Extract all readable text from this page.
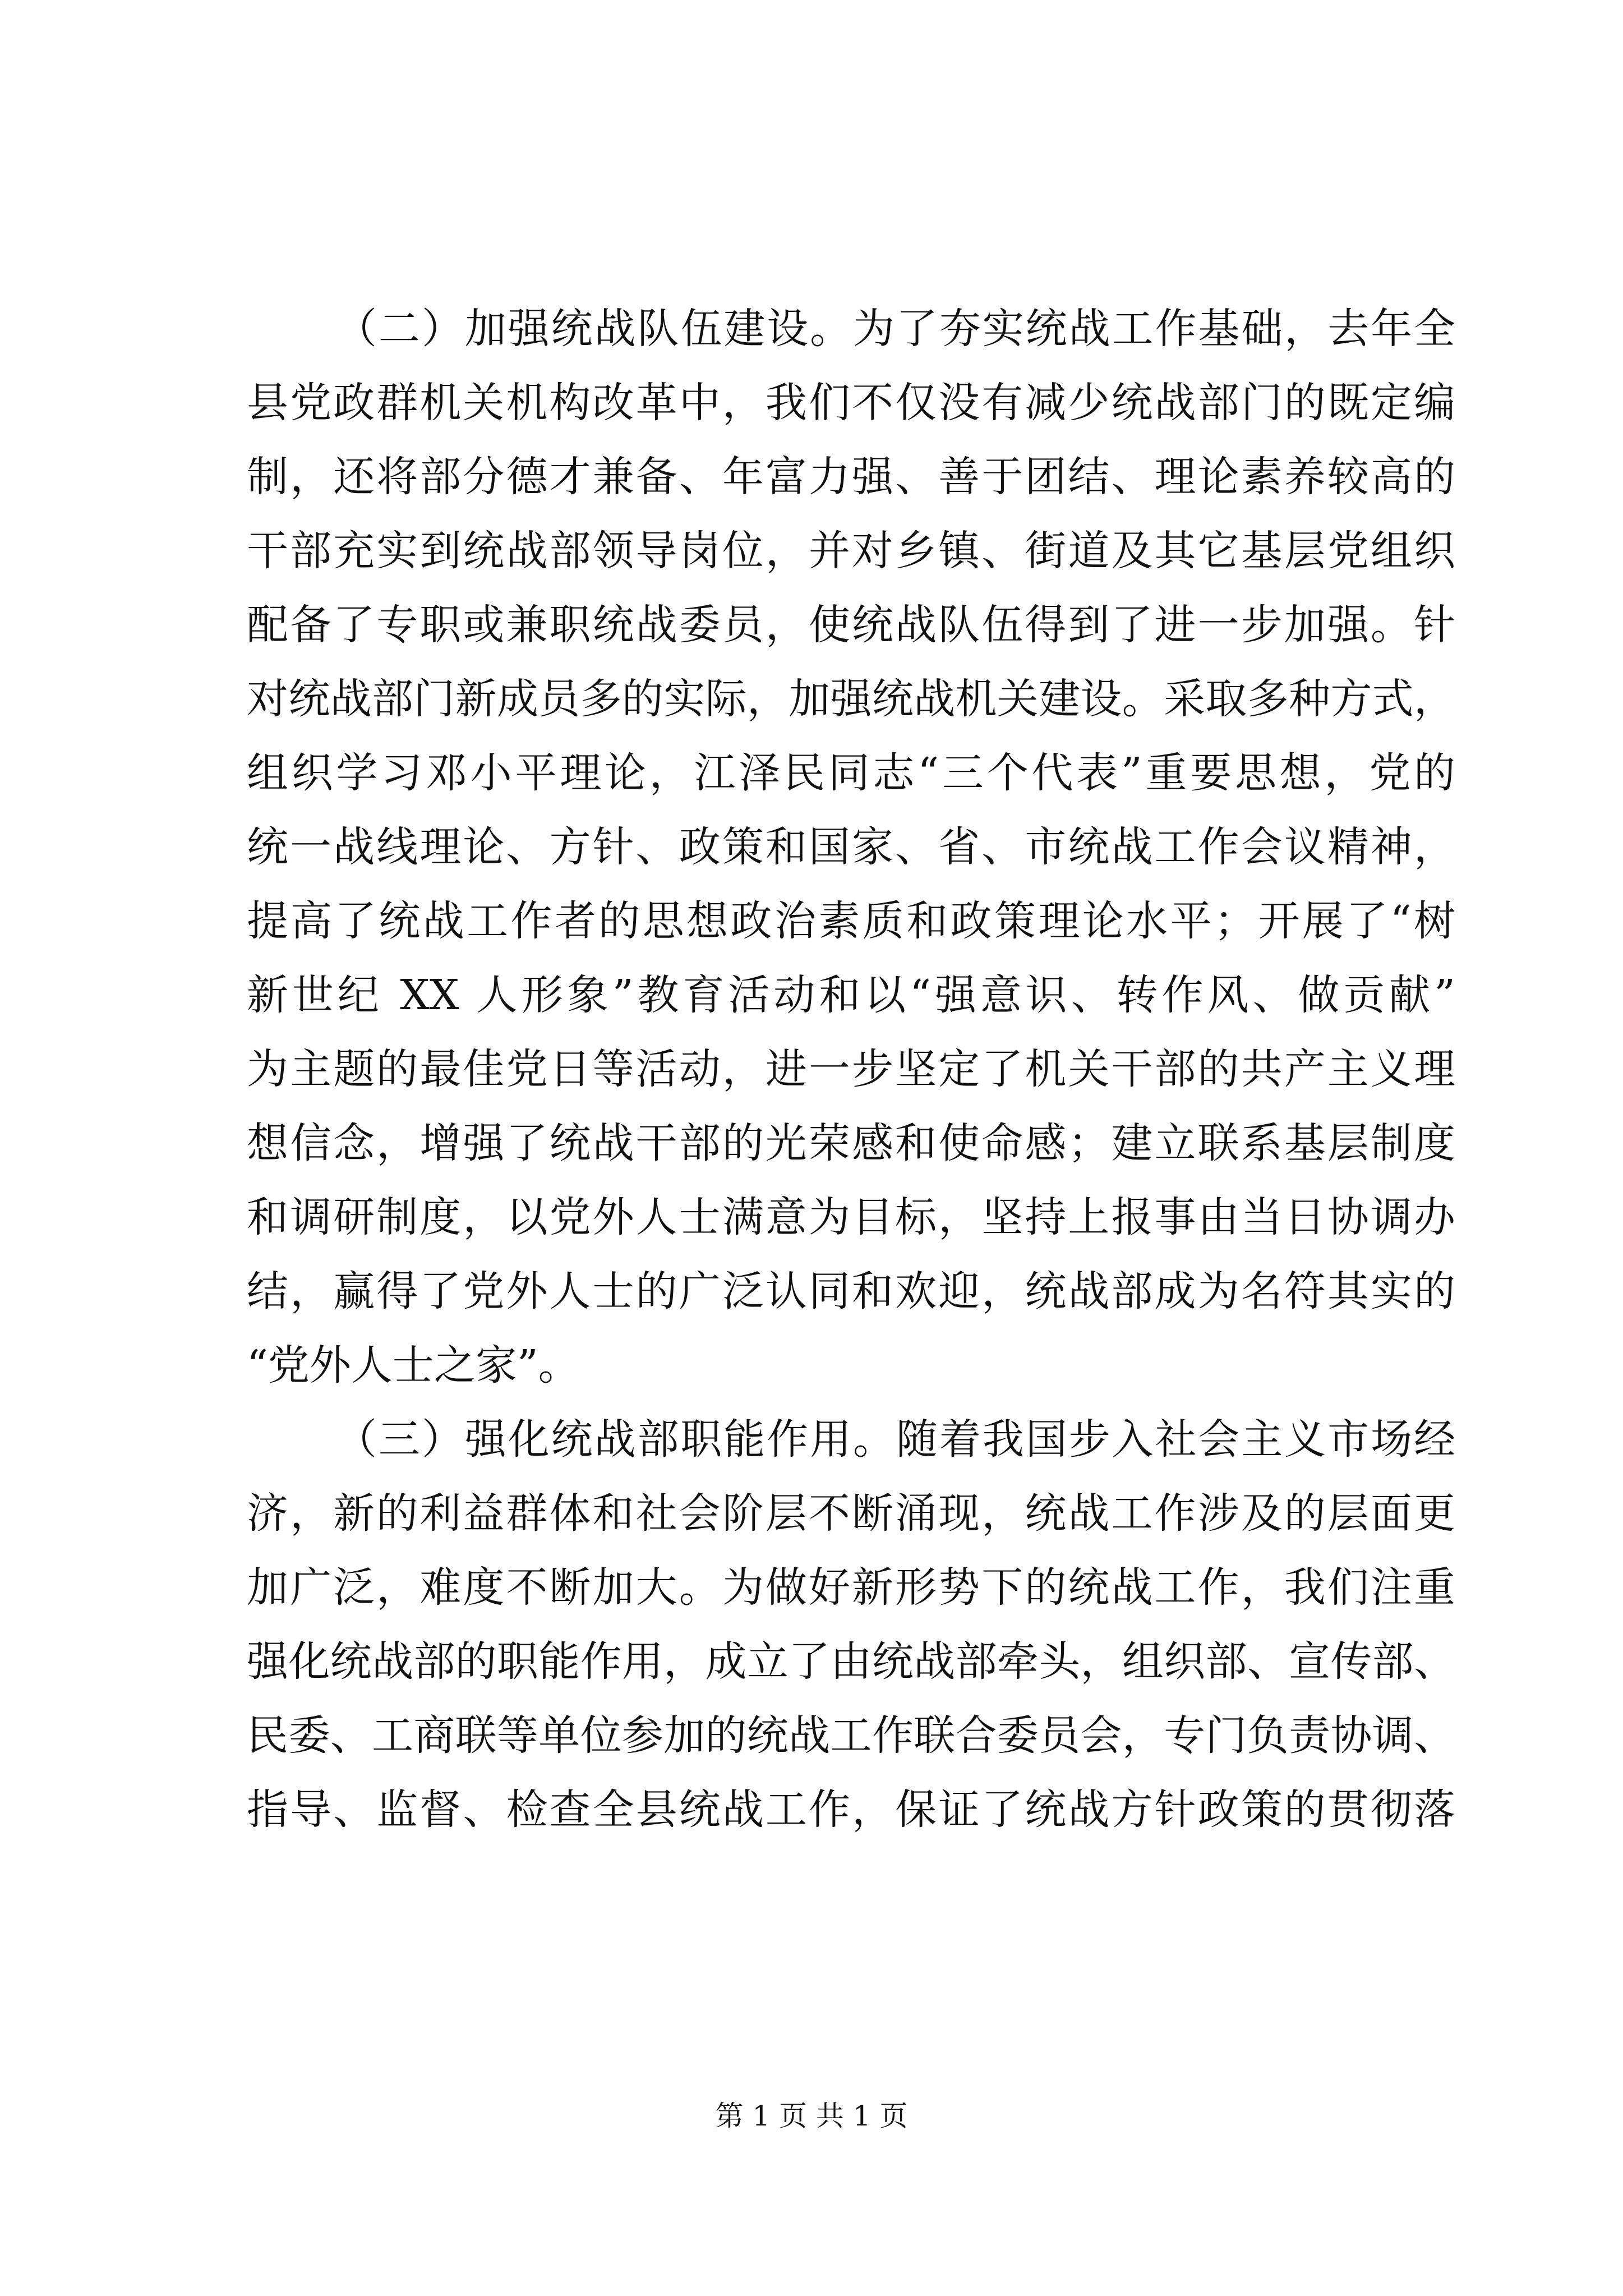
（二）加强统战队伍建设。为了夯实统战工作基础，去年全
县党政群机关机构改革中，我们不仅没有减少统战部门的既定编
制，还将部分德才兼备、年富力强、善于团结、理论素养较高的
干部充实到统战部领导岗位，并对乡镇、街道及其它基层党组织
配备了专职或兼职统战委员，使统战队伍得到了进一步加强。针
对统战部门新成员多的实际，加强统战机关建设。采取多种方式，
组织学习邓小平理论，江泽民同志“三个代表”重要思想，党的
统一战线理论、方针、政策和国家、省、市统战工作会议精神，
提高了统战工作者的思想政治素质和政策理论水平；开展了“树
新世纪 XX 人形象”教育活动和以“强意识、转作风、做贡献”
为主题的最佳党日等活动，进一步坚定了机关干部的共产主义理
想信念，增强了统战干部的光荣感和使命感；建立联系基层制度
和调研制度，以党外人士满意为目标，坚持上报事由当日协调办
结，赢得了党外人士的广泛认同和欢迎，统战部成为名符其实的
“党外人士之家”。
（三）强化统战部职能作用。随着我国步入社会主义市场经
济，新的利益群体和社会阶层不断涌现，统战工作涉及的层面更
加广泛，难度不断加大。为做好新形势下的统战工作，我们注重
强化统战部的职能作用，成立了由统战部牵头，组织部、宣传部、
民委、工商联等单位参加的统战工作联合委员会，专门负责协调、
指导、监督、检查全县统战工作，保证了统战方针政策的贯彻落
第 1 页 共 1 页
